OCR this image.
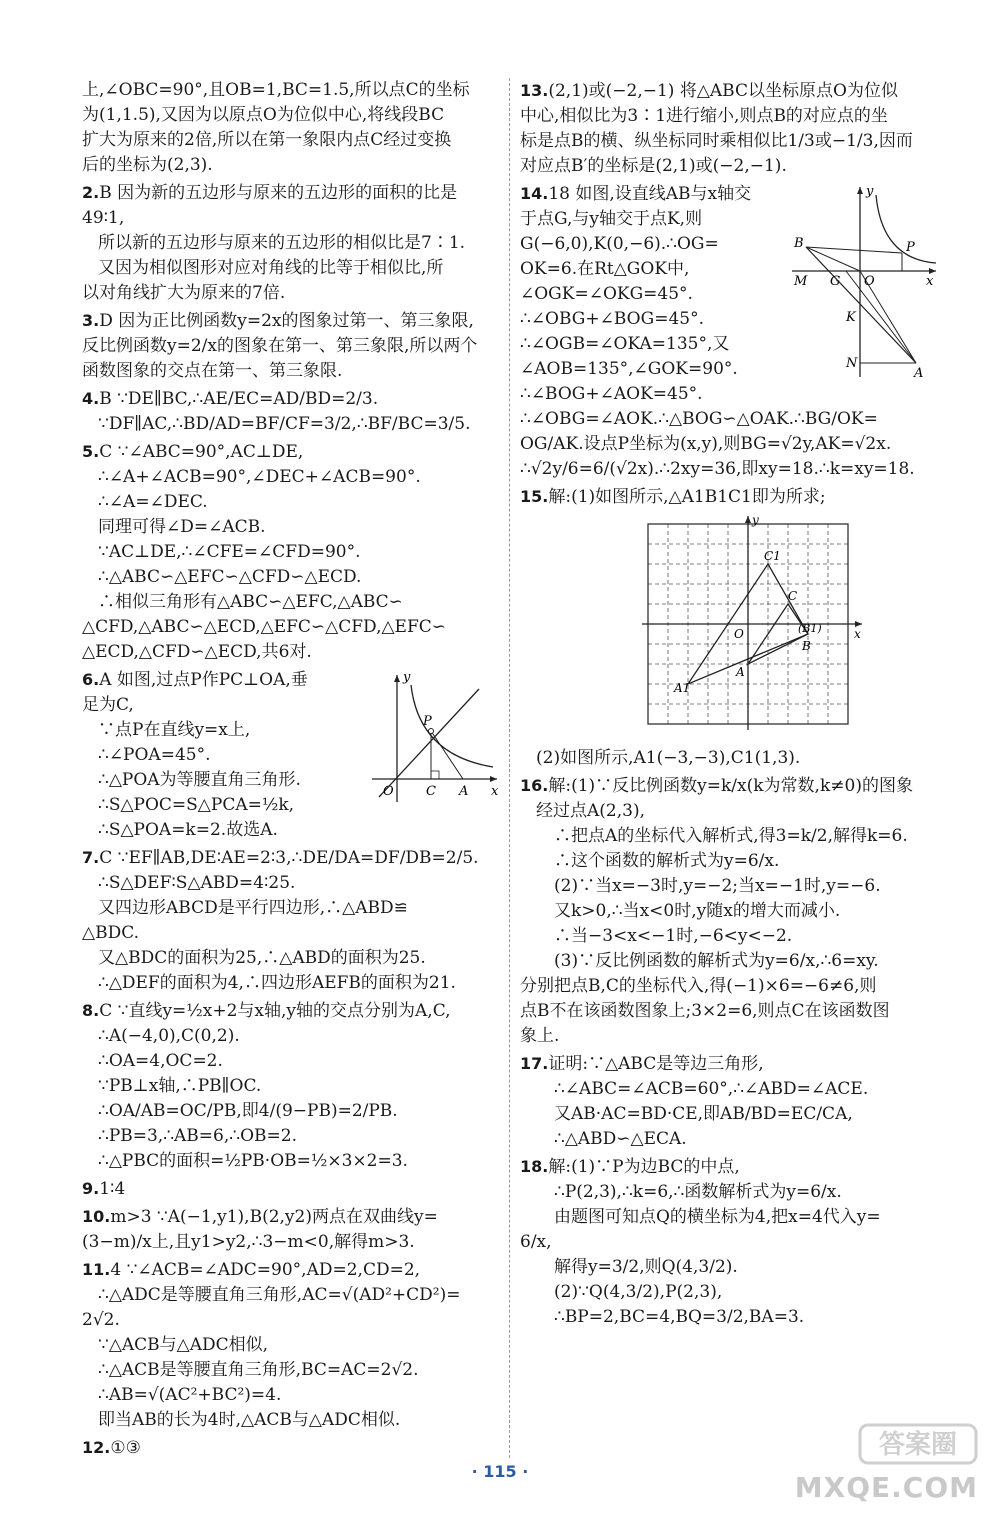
上,∠OBC=90°,且OB=1,BC=1.5,所以点C的坐标
为(1,1.5),又因为以原点O为位似中心,将线段BC
扩大为原来的2倍,所以在第一象限内点C经过变换
后的坐标为(2,3).
2.B 因为新的五边形与原来的五边形的面积的比是
49∶1,
所以新的五边形与原来的五边形的相似比是7∶1.
又因为相似图形对应对角线的比等于相似比,所
以对角线扩大为原来的7倍.
3.D 因为正比例函数y=2x的图象过第一、第三象限,
反比例函数y=2/x的图象在第一、第三象限,所以两个
函数图象的交点在第一、第三象限.
4.B ∵DE∥BC,∴AE/EC=AD/BD=2/3.
∵DF∥AC,∴BD/AD=BF/CF=3/2,∴BF/BC=3/5.
5.C ∵∠ABC=90°,AC⊥DE,
∴∠A+∠ACB=90°,∠DEC+∠ACB=90°.
∴∠A=∠DEC.
同理可得∠D=∠ACB.
∵AC⊥DE,∴∠CFE=∠CFD=90°.
∴△ABC∽△EFC∽△CFD∽△ECD.
∴相似三角形有△ABC∽△EFC,△ABC∽
△CFD,△ABC∽△ECD,△EFC∽△CFD,△EFC∽
△ECD,△CFD∽△ECD,共6对.
y
P
O C A x
6.A 如图,过点P作PC⊥OA,垂
足为C,
∵点P在直线y=x上,
∴∠POA=45°.
∴△POA为等腰直角三角形.
∴S△POC=S△PCA=½k,
∴S△POA=k=2.故选A.
7.C ∵EF∥AB,DE∶AE=2∶3,∴DE/DA=DF/DB=2/5.
∴S△DEF∶S△ABD=4∶25.
又四边形ABCD是平行四边形,∴△ABD≌
△BDC.
又△BDC的面积为25,∴△ABD的面积为25.
∴△DEF的面积为4,∴四边形AEFB的面积为21.
8.C ∵直线y=½x+2与x轴,y轴的交点分别为A,C,
∴A(−4,0),C(0,2).
∴OA=4,OC=2.
∵PB⊥x轴,∴PB∥OC.
∴OA/AB=OC/PB,即4/(9−PB)=2/PB.
∴PB=3,∴AB=6,∴OB=2.
∴△PBC的面积=½PB·OB=½×3×2=3.
9.1∶4
10.m>3 ∵A(−1,y1),B(2,y2)两点在双曲线y=
(3−m)/x上,且y1>y2,∴3−m<0,解得m>3.
11.4 ∵∠ACB=∠ADC=90°,AD=2,CD=2,
∴△ADC是等腰直角三角形,AC=√(AD²+CD²)=
2√2.
∵△ACB与△ADC相似,
∴△ACB是等腰直角三角形,BC=AC=2√2.
∴AB=√(AC²+BC²)=4.
即当AB的长为4时,△ACB与△ADC相似.
12.①③
13.(2,1)或(−2,−1) 将△ABC以坐标原点O为位似
中心,相似比为3∶1进行缩小,则点B的对应点的坐
标是点B的横、纵坐标同时乘相似比1/3或−1/3,因而
对应点B′的坐标是(2,1)或(−2,−1).
y
P
B
M G O	x
K
N
A
14.18 如图,设直线AB与x轴交
于点G,与y轴交于点K,则
G(−6,0),K(0,−6).∴OG=
OK=6.在Rt△GOK中,
∠OGK=∠OKG=45°.
∴∠OBG+∠BOG=45°.
∴∠OGB=∠OKA=135°,又
∠AOB=135°,∠GOK=90°.
∴∠BOG+∠AOK=45°.
∴∠OBG=∠AOK.∴△BOG∽△OAK.∴BG/OK=
OG/AK.设点P坐标为(x,y),则BG=√2y,AK=√2x.
∴√2y/6=6/(√2x).∴2xy=36,即xy=18.∴k=xy=18.
15.解:(1)如图所示,△A1B1C1即为所求;
y
C1
C
O
A
B
(B1)
A1
x
(2)如图所示,A1(−3,−3),C1(1,3).
16.解:(1)∵反比例函数y=k/x(k为常数,k≠0)的图象
经过点A(2,3),
∴把点A的坐标代入解析式,得3=k/2,解得k=6.
∴这个函数的解析式为y=6/x.
(2)∵当x=−3时,y=−2;当x=−1时,y=−6.
又k>0,∴当x<0时,y随x的增大而减小.
∴当−3<x<−1时,−6<y<−2.
(3)∵反比例函数的解析式为y=6/x,∴6=xy.
分别把点B,C的坐标代入,得(−1)×6=−6≠6,则
点B不在该函数图象上;3×2=6,则点C在该函数图
象上.
17.证明:∵△ABC是等边三角形,
∴∠ABC=∠ACB=60°,∴∠ABD=∠ACE.
又AB·AC=BD·CE,即AB/BD=EC/CA,
∴△ABD∽△ECA.
18.解:(1)∵P为边BC的中点,
∴P(2,3),∴k=6,∴函数解析式为y=6/x.
由题图可知点Q的横坐标为4,把x=4代入y=
6/x,
解得y=3/2,则Q(4,3/2).
(2)∵Q(4,3/2),P(2,3),
∴BP=2,BC=4,BQ=3/2,BA=3.
· 115 ·
答案圈
MXQE.COM
